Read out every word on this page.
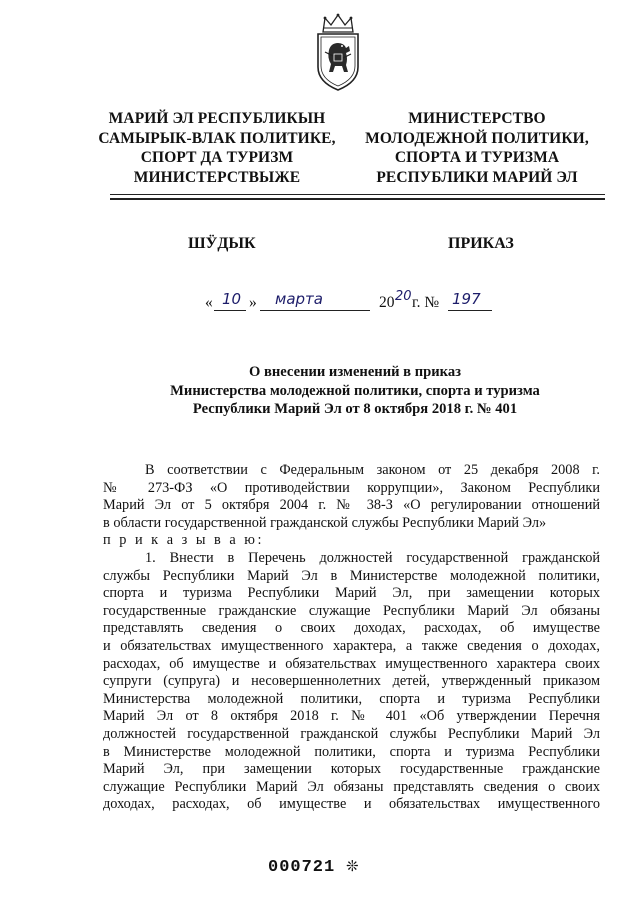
МАРИЙ ЭЛ РЕСПУБЛИКЫН
САМЫРЫК-ВЛАК ПОЛИТИКЕ,
СПОРТ ДА ТУРИЗМ
МИНИСТЕРСТВЫЖЕ
МИНИСТЕРСТВО
МОЛОДЕЖНОЙ ПОЛИТИКИ,
СПОРТА И ТУРИЗМА
РЕСПУБЛИКИ МАРИЙ ЭЛ
ШӰДЫК	ПРИКАЗ
« 10 » марта	20 20 г. № 197
О внесении изменений в приказ
Министерства молодежной политики, спорта и туризма
Республики Марий Эл от 8 октября 2018 г. № 401
В соответствии с Федеральным законом от 25 декабря 2008 г.
№ 273-ФЗ «О противодействии коррупции», Законом Республики
Марий Эл от 5 октября 2004 г. № 38-З «О регулировании отношений
в области государственной гражданской службы Республики Марий Эл»
п р и к а з ы в а ю:
1. Внести в Перечень должностей государственной гражданской
службы Республики Марий Эл в Министерстве молодежной политики,
спорта и туризма Республики Марий Эл, при замещении которых
государственные гражданские служащие Республики Марий Эл обязаны
представлять сведения о своих доходах, расходах, об имуществе
и обязательствах имущественного характера, а также сведения о доходах,
расходах, об имуществе и обязательствах имущественного характера своих
супруги (супруга) и несовершеннолетних детей, утвержденный приказом
Министерства молодежной политики, спорта и туризма Республики
Марий Эл от 8 октября 2018 г. № 401 «Об утверждении Перечня
должностей государственной гражданской службы Республики Марий Эл
в Министерстве молодежной политики, спорта и туризма Республики
Марий Эл, при замещении которых государственные гражданские
служащие Республики Марий Эл обязаны представлять сведения о своих
доходах, расходах, об имуществе и обязательствах имущественного
000721 ❊
